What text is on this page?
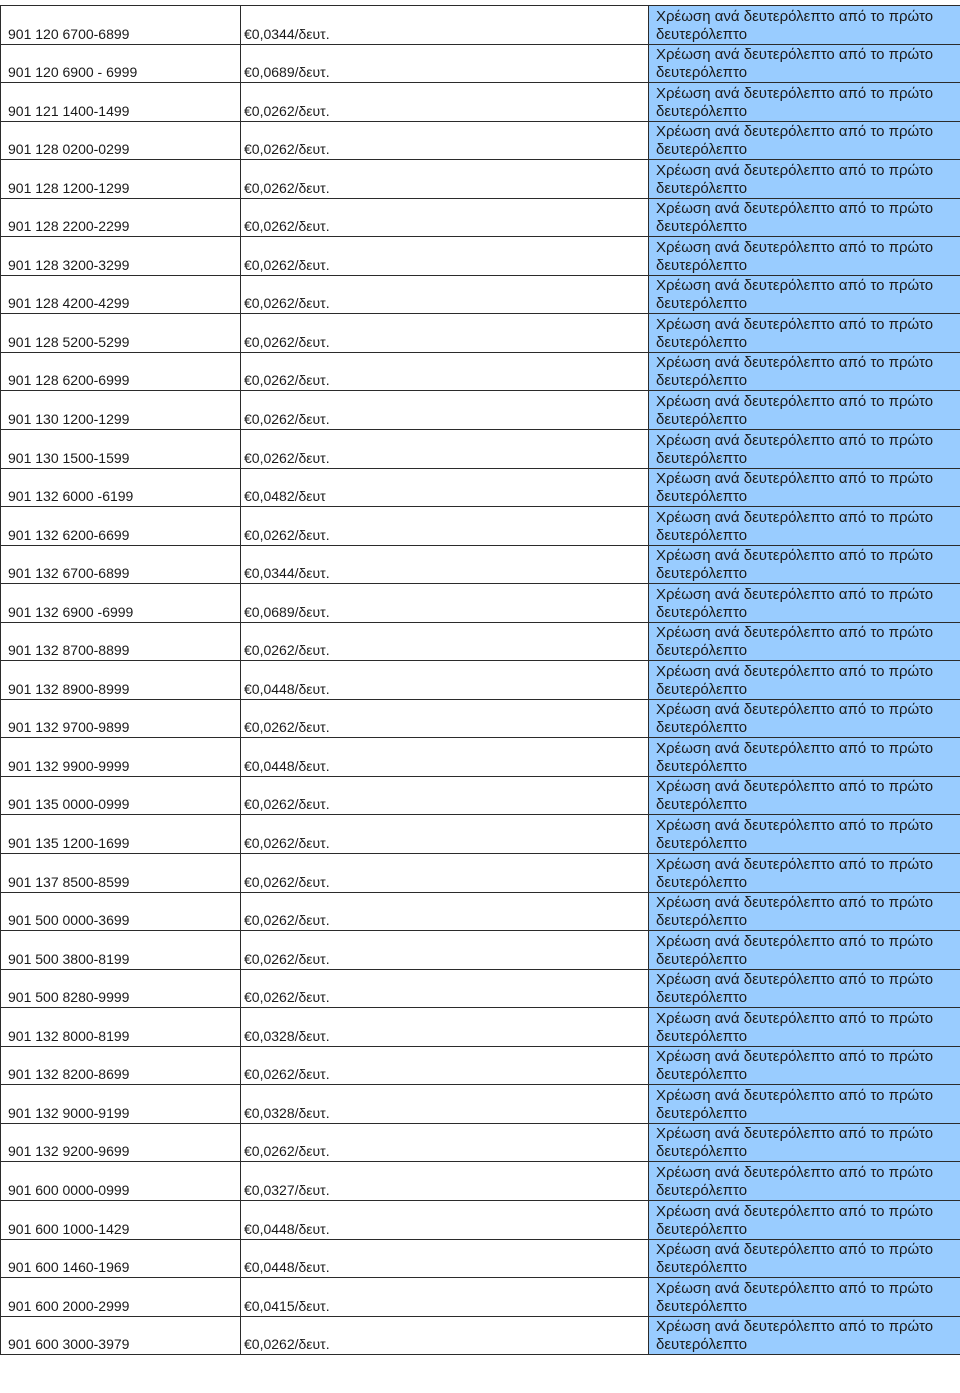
901 120 6700-6899	€0,0344/δευτ.	Χρέωση ανά δευτερόλεπτο από το πρώτο
δευτερόλεπτο

901 120 6900 - 6999	€0,0689/δευτ.	Χρέωση ανά δευτερόλεπτο από το πρώτο
δευτερόλεπτο

901 121 1400-1499	€0,0262/δευτ.	Χρέωση ανά δευτερόλεπτο από το πρώτο
δευτερόλεπτο

901 128 0200-0299	€0,0262/δευτ.	Χρέωση ανά δευτερόλεπτο από το πρώτο
δευτερόλεπτο

901 128 1200-1299	€0,0262/δευτ.	Χρέωση ανά δευτερόλεπτο από το πρώτο
δευτερόλεπτο

901 128 2200-2299	€0,0262/δευτ.	Χρέωση ανά δευτερόλεπτο από το πρώτο
δευτερόλεπτο

901 128 3200-3299	€0,0262/δευτ.	Χρέωση ανά δευτερόλεπτο από το πρώτο
δευτερόλεπτο

901 128 4200-4299	€0,0262/δευτ.	Χρέωση ανά δευτερόλεπτο από το πρώτο
δευτερόλεπτο

901 128 5200-5299	€0,0262/δευτ.	Χρέωση ανά δευτερόλεπτο από το πρώτο
δευτερόλεπτο

901 128 6200-6999	€0,0262/δευτ.	Χρέωση ανά δευτερόλεπτο από το πρώτο
δευτερόλεπτο

901 130 1200-1299	€0,0262/δευτ.	Χρέωση ανά δευτερόλεπτο από το πρώτο
δευτερόλεπτο

901 130 1500-1599	€0,0262/δευτ.	Χρέωση ανά δευτερόλεπτο από το πρώτο
δευτερόλεπτο

901 132 6000 -6199	€0,0482/δευτ	Χρέωση ανά δευτερόλεπτο από το πρώτο
δευτερόλεπτο

901 132 6200-6699	€0,0262/δευτ.	Χρέωση ανά δευτερόλεπτο από το πρώτο
δευτερόλεπτο

901 132 6700-6899	€0,0344/δευτ.	Χρέωση ανά δευτερόλεπτο από το πρώτο
δευτερόλεπτο

901 132 6900 -6999	€0,0689/δευτ.	Χρέωση ανά δευτερόλεπτο από το πρώτο
δευτερόλεπτο

901 132 8700-8899	€0,0262/δευτ.	Χρέωση ανά δευτερόλεπτο από το πρώτο
δευτερόλεπτο

901 132 8900-8999	€0,0448/δευτ.	Χρέωση ανά δευτερόλεπτο από το πρώτο
δευτερόλεπτο

901 132 9700-9899	€0,0262/δευτ.	Χρέωση ανά δευτερόλεπτο από το πρώτο
δευτερόλεπτο

901 132 9900-9999	€0,0448/δευτ.	Χρέωση ανά δευτερόλεπτο από το πρώτο
δευτερόλεπτο

901 135 0000-0999	€0,0262/δευτ.	Χρέωση ανά δευτερόλεπτο από το πρώτο
δευτερόλεπτο

901 135 1200-1699	€0,0262/δευτ.	Χρέωση ανά δευτερόλεπτο από το πρώτο
δευτερόλεπτο

901 137 8500-8599	€0,0262/δευτ.	Χρέωση ανά δευτερόλεπτο από το πρώτο
δευτερόλεπτο

901 500 0000-3699	€0,0262/δευτ.	Χρέωση ανά δευτερόλεπτο από το πρώτο
δευτερόλεπτο

901 500 3800-8199	€0,0262/δευτ.	Χρέωση ανά δευτερόλεπτο από το πρώτο
δευτερόλεπτο

901 500 8280-9999	€0,0262/δευτ.	Χρέωση ανά δευτερόλεπτο από το πρώτο
δευτερόλεπτο

901 132 8000-8199	€0,0328/δευτ.	Χρέωση ανά δευτερόλεπτο από το πρώτο
δευτερόλεπτο

901 132 8200-8699	€0,0262/δευτ.	Χρέωση ανά δευτερόλεπτο από το πρώτο
δευτερόλεπτο

901 132 9000-9199	€0,0328/δευτ.	Χρέωση ανά δευτερόλεπτο από το πρώτο
δευτερόλεπτο

901 132 9200-9699	€0,0262/δευτ.	Χρέωση ανά δευτερόλεπτο από το πρώτο
δευτερόλεπτο

901 600 0000-0999	€0,0327/δευτ.	Χρέωση ανά δευτερόλεπτο από το πρώτο
δευτερόλεπτο

901 600 1000-1429	€0,0448/δευτ.	Χρέωση ανά δευτερόλεπτο από το πρώτο
δευτερόλεπτο

901 600 1460-1969	€0,0448/δευτ.	Χρέωση ανά δευτερόλεπτο από το πρώτο
δευτερόλεπτο

901 600 2000-2999	€0,0415/δευτ.	Χρέωση ανά δευτερόλεπτο από το πρώτο
δευτερόλεπτο

901 600 3000-3979	€0,0262/δευτ.	Χρέωση ανά δευτερόλεπτο από το πρώτο
δευτερόλεπτο
